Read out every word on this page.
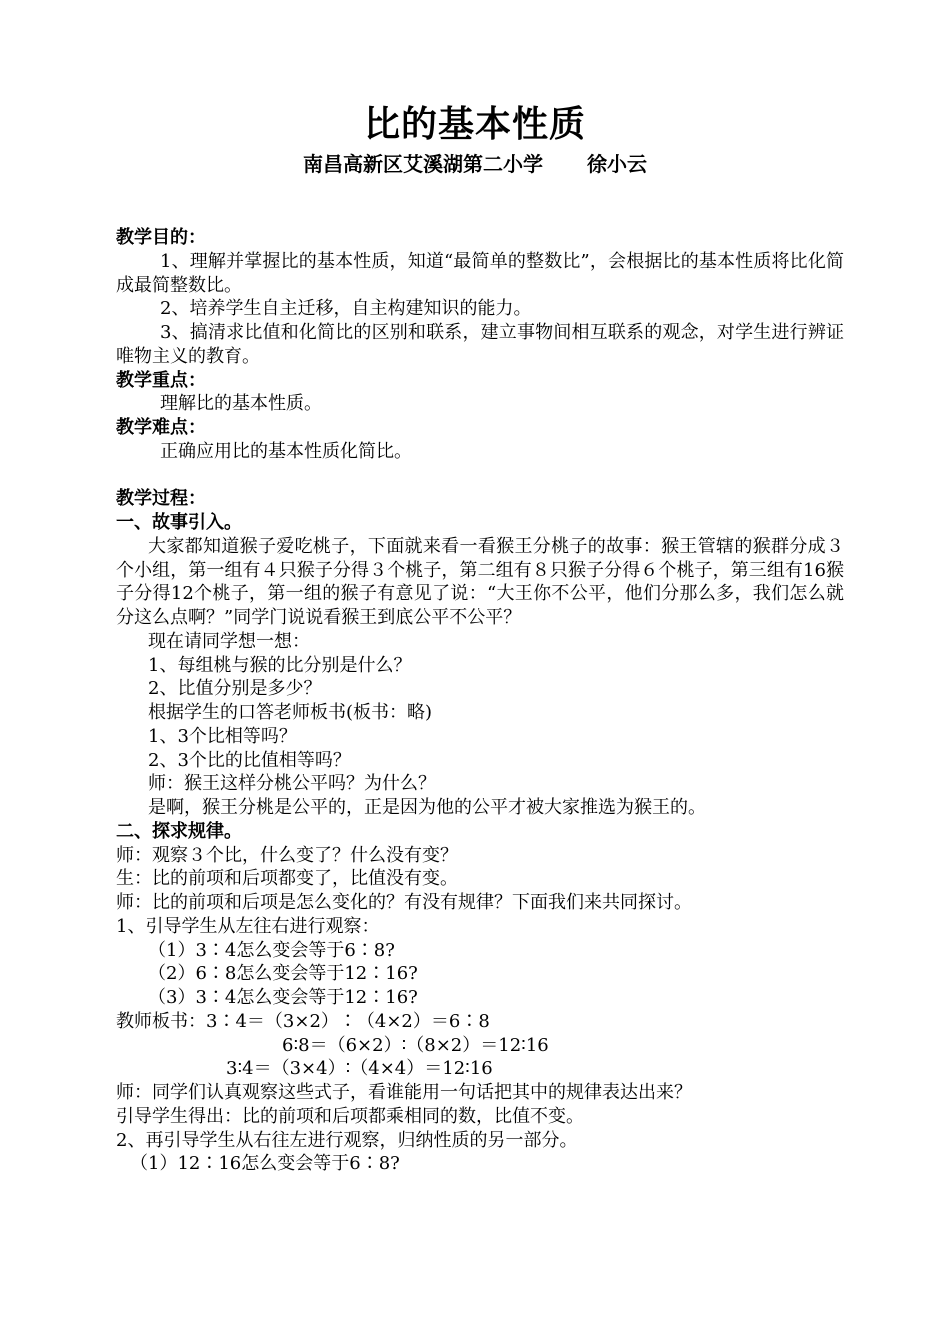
比的基本性质
南昌高新区艾溪湖第二小学 徐小云
教学目的：
1、理解并掌握比的基本性质，知道“最简单的整数比”，会根据比的基本性质将比化简成最简整数比。
2、培养学生自主迁移，自主构建知识的能力。
3、搞清求比值和化简比的区别和联系，建立事物间相互联系的观念，对学生进行辨证唯物主义的教育。
教学重点：
理解比的基本性质。
教学难点：
正确应用比的基本性质化简比。
教学过程：
一、故事引入。
大家都知道猴子爱吃桃子，下面就来看一看猴王分桃子的故事：猴王管辖的猴群分成３个小组，第一组有４只猴子分得３个桃子，第二组有８只猴子分得６个桃子，第三组有16猴子分得12个桃子，第一组的猴子有意见了说：“大王你不公平，他们分那么多，我们怎么就分这么点啊？”同学门说说看猴王到底公平不公平？
现在请同学想一想：
1、每组桃与猴的比分别是什么？
2、比值分别是多少？
根据学生的口答老师板书(板书：略)
1、3个比相等吗？
2、3个比的比值相等吗？
师：猴王这样分桃公平吗？为什么？
是啊，猴王分桃是公平的，正是因为他的公平才被大家推选为猴王的。
二、探求规律。
师：观察３个比，什么变了？什么没有变？
生：比的前项和后项都变了，比值没有变。
师：比的前项和后项是怎么变化的？有没有规律？下面我们来共同探讨。
1、引导学生从左往右进行观察：
（1）3∶4怎么变会等于6∶8?
（2）6∶8怎么变会等于12∶16?
（3）3∶4怎么变会等于12∶16?
教师板书：3∶4＝（3×2）∶（4×2）＝6∶8
6∶8＝（6×2）∶（8×2）＝12∶16
3∶4＝（3×4）∶（4×4）＝12∶16
师：同学们认真观察这些式子，看谁能用一句话把其中的规律表达出来？
引导学生得出：比的前项和后项都乘相同的数，比值不变。
2、再引导学生从右往左进行观察，归纳性质的另一部分。
（1）12∶16怎么变会等于6∶8?
